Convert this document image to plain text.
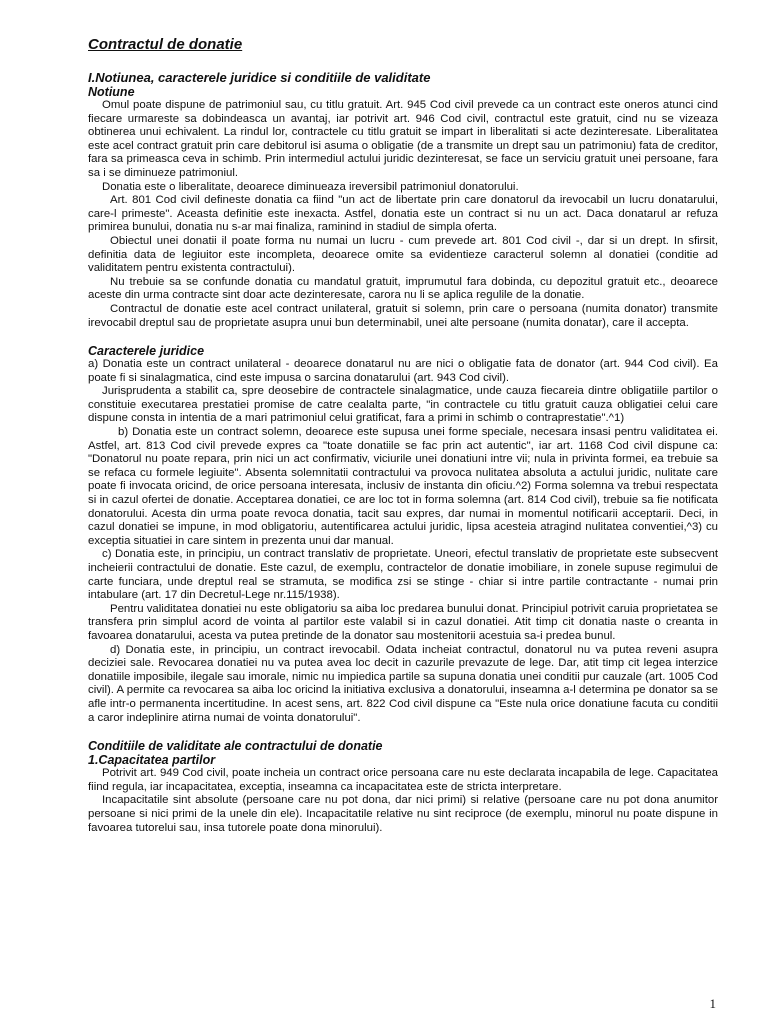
Contractul de donatie
I.Notiunea, caracterele juridice si conditiile de validitate
Notiune

Omul poate dispune de patrimoniul sau, cu titlu gratuit. Art. 945 Cod civil prevede ca un contract este oneros atunci cind fiecare urmareste sa dobindeasca un avantaj, iar potrivit art. 946 Cod civil, contractul este gratuit, cind nu se vizeaza obtinerea unui echivalent. La rindul lor, contractele cu titlu gratuit se impart in liberalitati si acte dezinteresate. Liberalitatea este acel contract gratuit prin care debitorul isi asuma o obligatie (de a transmite un drept sau un patrimoniu) fata de creditor, fara sa primeasca ceva in schimb. Prin intermediul actului juridic dezinteresat, se face un serviciu gratuit unei persoane, fara sa i se diminueze patrimoniul.

Donatia este o liberalitate, deoarece diminueaza ireversibil patrimoniul donatorului.

Art. 801 Cod civil defineste donatia ca fiind "un act de libertate prin care donatorul da irevocabil un lucru donatarului, care-l primeste". Aceasta definitie este inexacta. Astfel, donatia este un contract si nu un act. Daca donatarul ar refuza primirea bunului, donatia nu s-ar mai finaliza, raminind in stadiul de simpla oferta.

Obiectul unei donatii il poate forma nu numai un lucru - cum prevede art. 801 Cod civil -, dar si un drept. In sfirsit, definitia data de legiuitor este incompleta, deoarece omite sa evidentieze caracterul solemn al donatiei (conditie ad validitatem pentru existenta contractului).

Nu trebuie sa se confunde donatia cu mandatul gratuit, imprumutul fara dobinda, cu depozitul gratuit etc., deoarece aceste din urma contracte sint doar acte dezinteresate, carora nu li se aplica regulile de la donatie.

Contractul de donatie este acel contract unilateral, gratuit si solemn, prin care o persoana (numita donator) transmite irevocabil dreptul sau de proprietate asupra unui bun determinabil, unei alte persoane (numita donatar), care il accepta.

Caracterele juridice

a) Donatia este un contract unilateral - deoarece donatarul nu are nici o obligatie fata de donator (art. 944 Cod civil). Ea poate fi si sinalagmatica, cind este impusa o sarcina donatarului (art. 943 Cod civil).

Jurisprudenta a stabilit ca, spre deosebire de contractele sinalagmatice, unde cauza fiecareia dintre obligatiile partilor o constituie executarea prestatiei promise de catre cealalta parte, "in contractele cu titlu gratuit cauza obligatiei celui care dispune consta in intentia de a mari patrimoniul celui gratificat, fara a primi in schimb o contraprestatie".^1)

b) Donatia este un contract solemn, deoarece este supusa unei forme speciale, necesara insasi pentru validitatea ei. Astfel, art. 813 Cod civil prevede expres ca "toate donatiile se fac prin act autentic", iar art. 1168 Cod civil dispune ca: "Donatorul nu poate repara, prin nici un act confirmativ, viciurile unei donatiuni intre vii; nula in privinta formei, ea trebuie sa se refaca cu formele legiuite". Absenta solemnitatii contractului va provoca nulitatea absoluta a actului juridic, nulitate care poate fi invocata oricind, de orice persoana interesata, inclusiv de instanta din oficiu.^2) Forma solemna va trebui respectata si in cazul ofertei de donatie. Acceptarea donatiei, ce are loc tot in forma solemna (art. 814 Cod civil), trebuie sa fie notificata donatorului. Acesta din urma poate revoca donatia, tacit sau expres, dar numai in momentul notificarii acceptarii. Deci, in cazul donatiei se impune, in mod obligatoriu, autentificarea actului juridic, lipsa acesteia atragind nulitatea conventiei,^3) cu exceptia situatiei in care sintem in prezenta unui dar manual.

c) Donatia este, in principiu, un contract translativ de proprietate. Uneori, efectul translativ de proprietate este subsecvent incheierii contractului de donatie. Este cazul, de exemplu, contractelor de donatie imobiliare, in zonele supuse regimului de carte funciara, unde dreptul real se stramuta, se modifica zsi se stinge - chiar si intre partile contractante - numai prin intabulare (art. 17 din Decretul-Lege nr.115/1938).

Pentru validitatea donatiei nu este obligatoriu sa aiba loc predarea bunului donat. Principiul potrivit caruia proprietatea se transfera prin simplul acord de vointa al partilor este valabil si in cazul donatiei. Atit timp cit donatia naste o creanta in favoarea donatarului, acesta va putea pretinde de la donator sau mostenitorii acestuia sa-i predea bunul.

d) Donatia este, in principiu, un contract irevocabil. Odata incheiat contractul, donatorul nu va putea reveni asupra deciziei sale. Revocarea donatiei nu va putea avea loc decit in cazurile prevazute de lege. Dar, atit timp cit legea interzice donatiile imposibile, ilegale sau imorale, nimic nu impiedica partile sa supuna donatia unei conditii pur cauzale (art. 1005 Cod civil). A permite ca revocarea sa aiba loc oricind la initiativa exclusiva a donatorului, inseamna a-l determina pe donator sa se afle intr-o permanenta incertitudine. In acest sens, art. 822 Cod civil dispune ca "Este nula orice donatiune facuta cu conditii a caror indeplinire atirna numai de vointa donatorului".

Conditiile de validitate ale contractului de donatie
1.Capacitatea partilor

Potrivit art. 949 Cod civil, poate incheia un contract orice persoana care nu este declarata incapabila de lege. Capacitatea fiind regula, iar incapacitatea, exceptia, inseamna ca incapacitatea este de stricta interpretare.

Incapacitatile sint absolute (persoane care nu pot dona, dar nici primi) si relative (persoane care nu pot dona anumitor persoane si nici primi de la unele din ele). Incapacitatile relative nu sint reciproce (de exemplu, minorul nu poate dispune in favoarea tutorelui sau, insa tutorele poate dona minorului).

1
